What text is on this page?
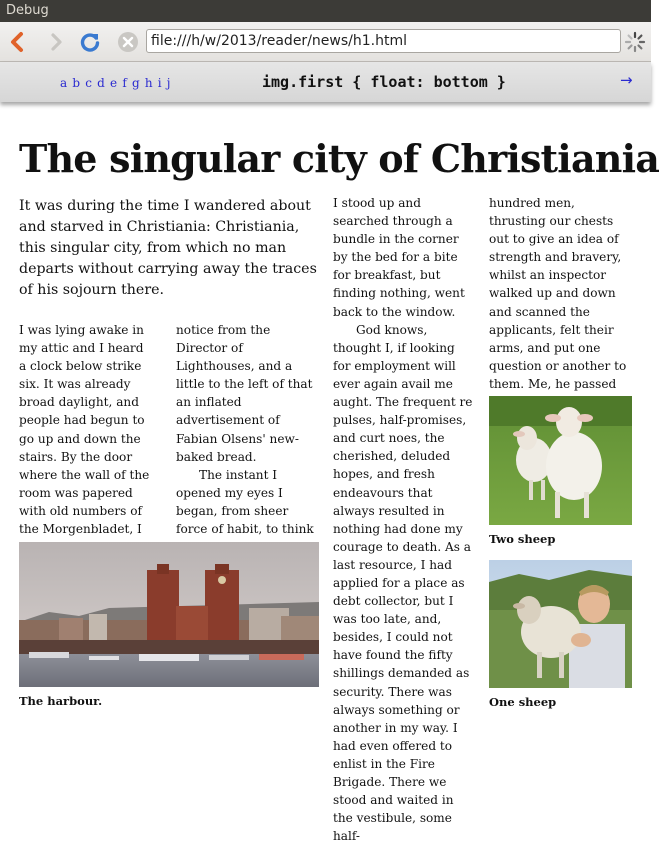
Debug
file:///h/w/2013/reader/news/h1.html
a b c d e f g h i j	img.first { float: bottom }	→
The singular city of Christiania

It was during the time I wandered about and starved in Christiania: Christiania, this singular city, from which no man departs without carrying away the traces of his sojourn there.

I was lying awake in my attic and I heard a clock below strike six. It was already broad daylight, and people had begun to go up and down the stairs. By the door where the wall of the room was papered with old numbers of the Morgenbladet, I

notice from the Director of Lighthouses, and a little to the left of that an inflated advertisement of Fabian Olsens' new-baked bread.

The instant I opened my eyes I began, from sheer force of habit, to think

I stood up and searched through a bundle in the corner by the bed for a bite for breakfast, but finding nothing, went back to the window.

God knows, thought I, if looking for employment will ever again avail me aught. The frequent re pulses, half-promises, and curt noes, the cherished, deluded hopes, and fresh endeavours that always resulted in nothing had done my courage to death. As a last resource, I had applied for a place as debt collector, but I was too late, and, besides, I could not have found the fifty shillings demanded as security. There was always something or another in my way. I had even offered to enlist in the Fire Brigade. There we stood and waited in the vestibule, some half-

hundred men, thrusting our chests out to give an idea of strength and bravery, whilst an inspector walked up and down and scanned the applicants, felt their arms, and put one question or another to them. Me, he passed

The harbour.
Two sheep
One sheep
